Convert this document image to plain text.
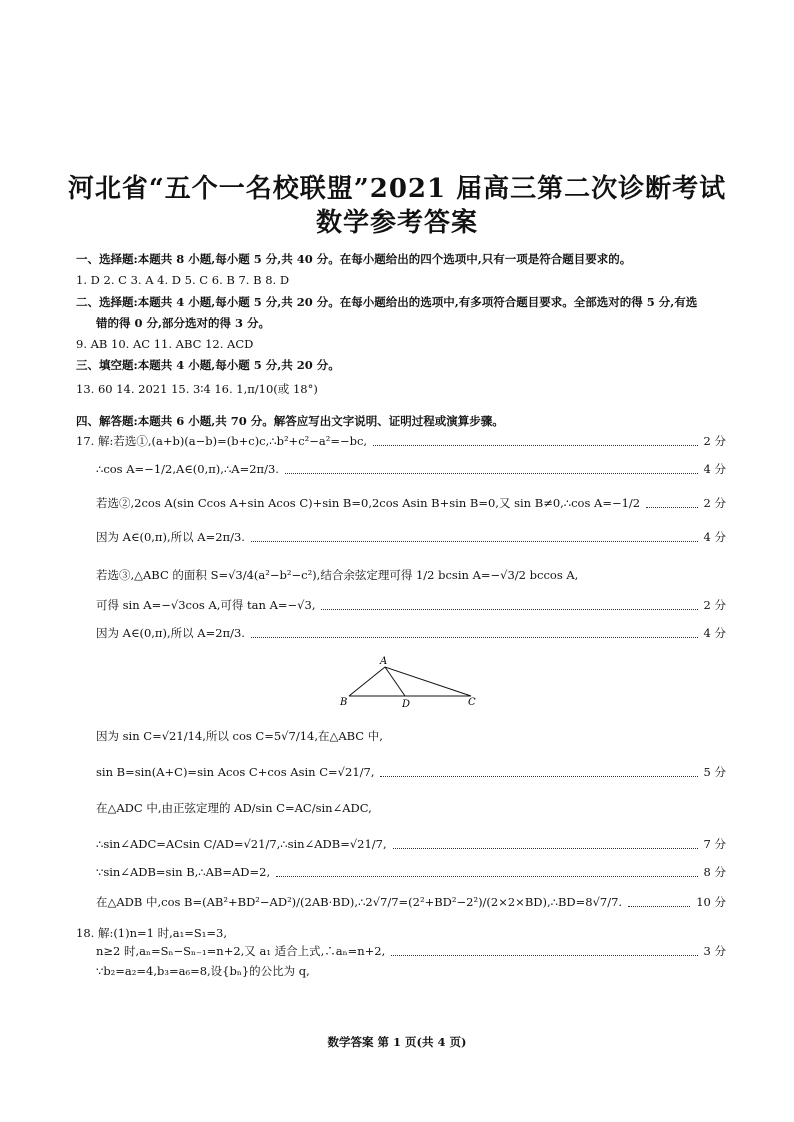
河北省“五个一名校联盟”2021 届高三第二次诊断考试
数学参考答案
一、选择题:本题共 8 小题,每小题 5 分,共 40 分。在每小题给出的四个选项中,只有一项是符合题目要求的。
1. D 2. C 3. A 4. D 5. C 6. B 7. B 8. D
二、选择题:本题共 4 小题,每小题 5 分,共 20 分。在每小题给出的选项中,有多项符合题目要求。全部选对的得 5 分,有选
错的得 0 分,部分选对的得 3 分。
9. AB 10. AC 11. ABC 12. ACD
三、填空题:本题共 4 小题,每小题 5 分,共 20 分。
13. 60 14. 2021 15. 3∶4 16. 1,π/10(或 18°)
四、解答题:本题共 6 小题,共 70 分。解答应写出文字说明、证明过程或演算步骤。
17. 解:若选①,(a+b)(a−b)=(b+c)c,∴b²+c²−a²=−bc,	2 分
∴cos A=−1/2,A∈(0,π),∴A=2π/3.	4 分
若选②,2cos A(sin Ccos A+sin Acos C)+sin B=0,2cos Asin B+sin B=0,又 sin B≠0,∴cos A=−1/2	2 分
因为 A∈(0,π),所以 A=2π/3.	4 分
若选③,△ABC 的面积 S=√3/4(a²−b²−c²),结合余弦定理可得 1/2 bcsin A=−√3/2 bccos A,
可得 sin A=−√3cos A,可得 tan A=−√3,	2 分
因为 A∈(0,π),所以 A=2π/3.	4 分
A
B	D	C
因为 sin C=√21/14,所以 cos C=5√7/14,在△ABC 中,
sin B=sin(A+C)=sin Acos C+cos Asin C=√21/7,	5 分
在△ADC 中,由正弦定理的 AD/sin C=AC/sin∠ADC,
∴sin∠ADC=ACsin C/AD=√21/7,∴sin∠ADB=√21/7,	7 分
∵sin∠ADB=sin B,∴AB=AD=2,	8 分
在△ADB 中,cos B=(AB²+BD²−AD²)/(2AB·BD),∴2√7/7=(2²+BD²−2²)/(2×2×BD),∴BD=8√7/7.	10 分
18. 解:(1)n=1 时,a₁=S₁=3,
n≥2 时,aₙ=Sₙ−Sₙ₋₁=n+2,又 a₁ 适合上式,∴aₙ=n+2,	3 分
∵b₂=a₂=4,b₃=a₆=8,设{bₙ}的公比为 q,
数学答案 第 1 页(共 4 页)
